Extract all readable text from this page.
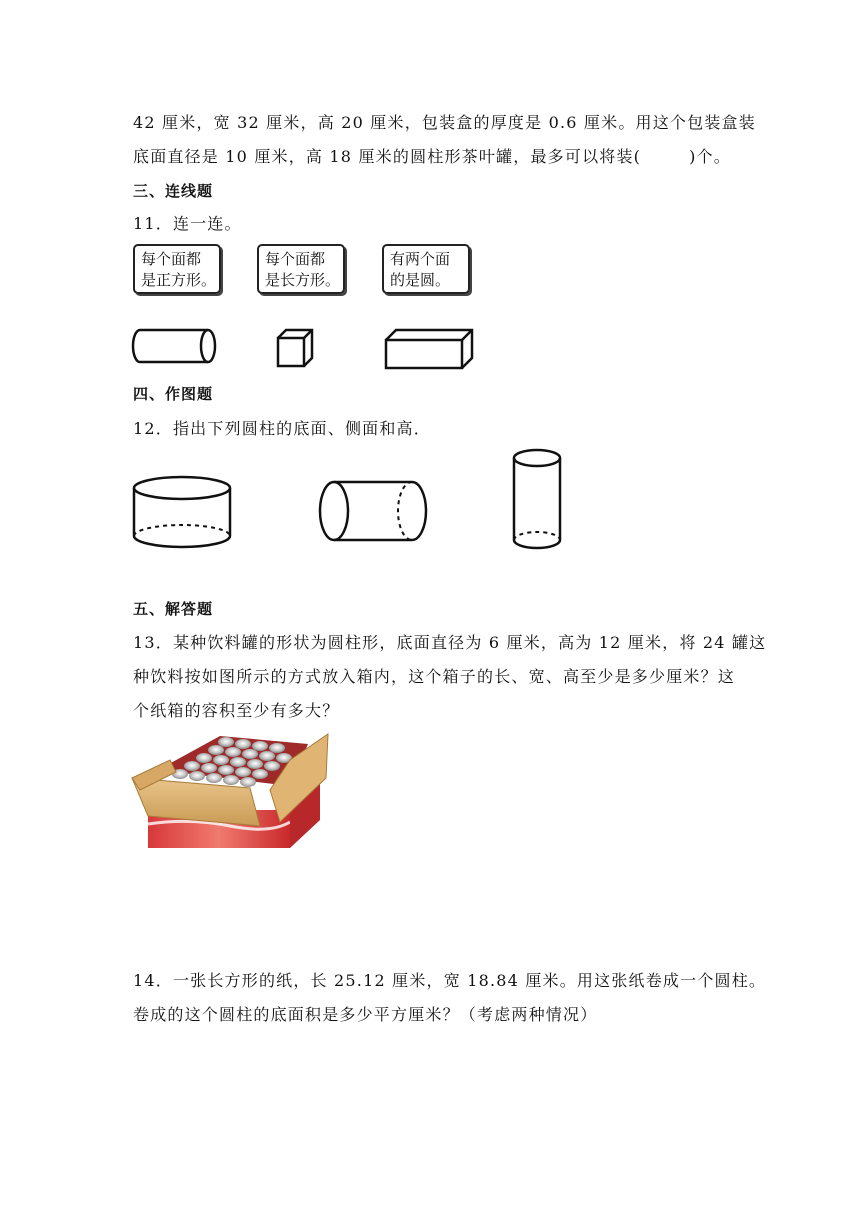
42 厘米，宽 32 厘米，高 20 厘米，包装盒的厚度是 0.6 厘米。用这个包装盒装
底面直径是 10 厘米，高 18 厘米的圆柱形茶叶罐，最多可以将装(	)个。
三、连线题
11．连一连。
每个面都
是正方形。
每个面都
是长方形。
有两个面
的是圆。
四、作图题
12．指出下列圆柱的底面、侧面和高．
五、解答题
13．某种饮料罐的形状为圆柱形，底面直径为 6 厘米，高为 12 厘米，将 24 罐这
种饮料按如图所示的方式放入箱内，这个箱子的长、宽、高至少是多少厘米？这
个纸箱的容积至少有多大？
14．一张长方形的纸，长 25.12 厘米，宽 18.84 厘米。用这张纸卷成一个圆柱。
卷成的这个圆柱的底面积是多少平方厘米？（考虑两种情况）
